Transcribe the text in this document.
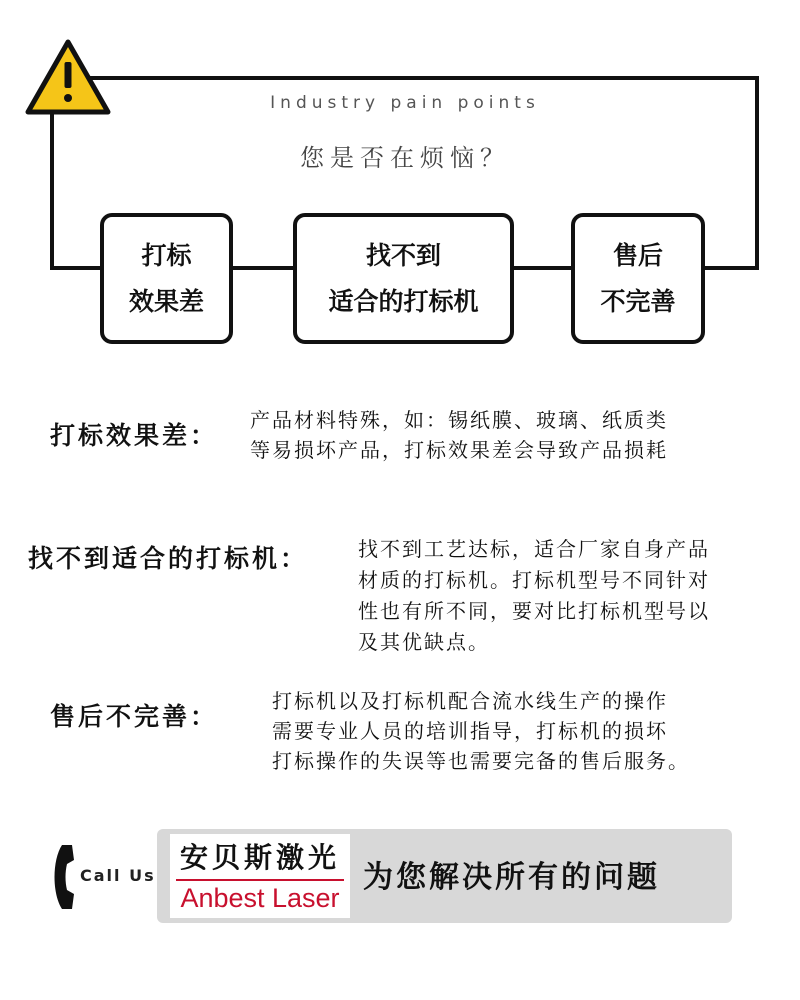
Industry pain points
您是否在烦恼？
打标
效果差
找不到
适合的打标机
售后
不完善
打标效果差：
产品材料特殊，如：锡纸膜、玻璃、纸质类
等易损坏产品，打标效果差会导致产品损耗
找不到适合的打标机： 找不到工艺达标，适合厂家自身产品
材质的打标机。打标机型号不同针对
性也有所不同，要对比打标机型号以
及其优缺点。
售后不完善：
打标机以及打标机配合流水线生产的操作
需要专业人员的培训指导，打标机的损坏
打标操作的失误等也需要完备的售后服务。
Call Us
安贝斯激光
Anbest Laser
为您解决所有的问题
